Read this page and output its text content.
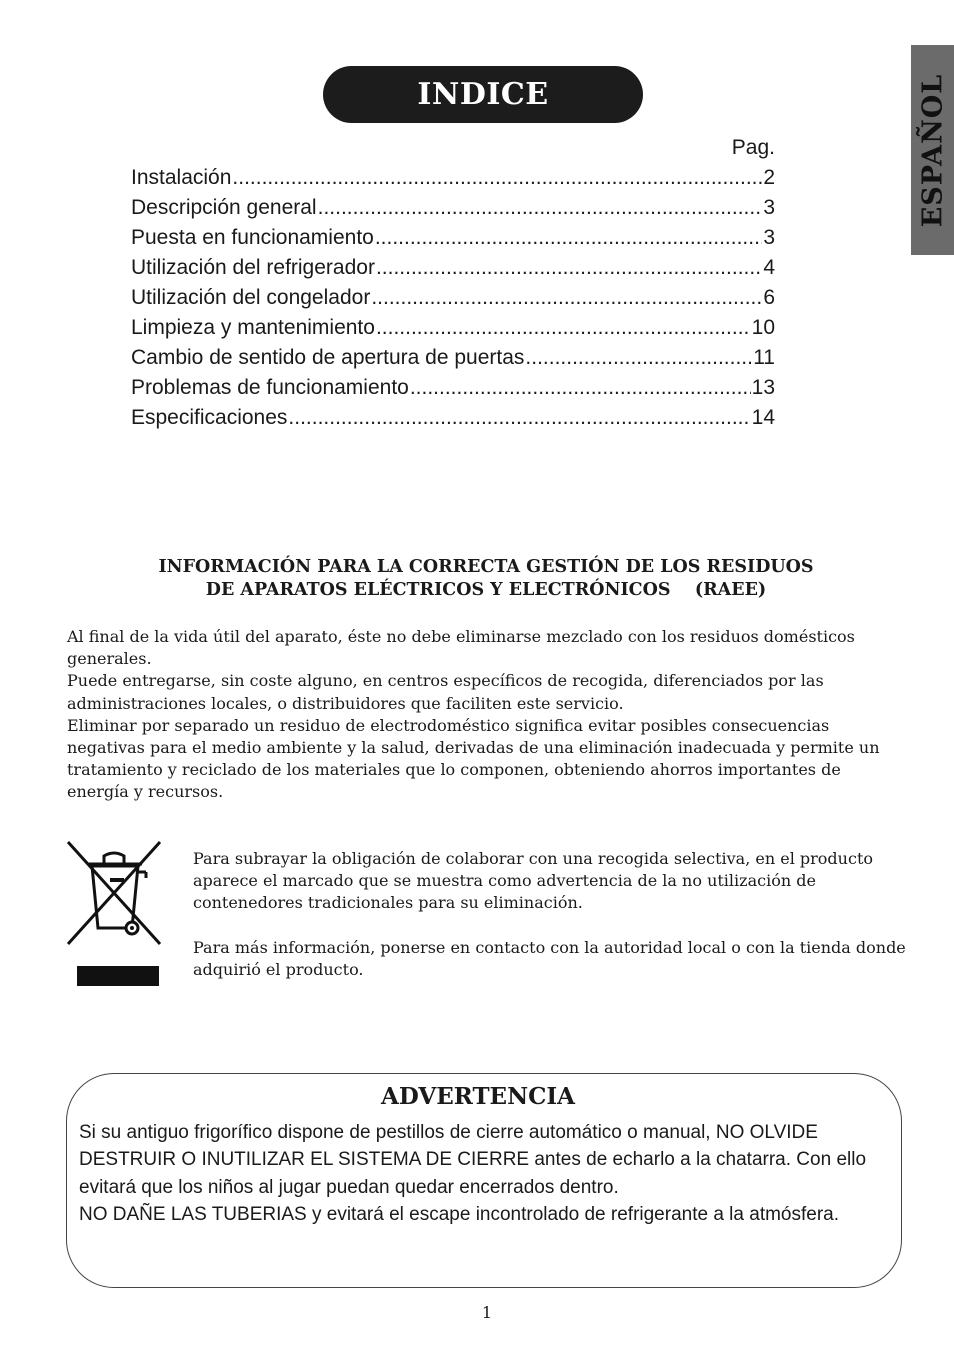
ESPAÑOL
INDICE
Pag.
Instalación .....	2
Descripción general .....	3
Puesta en funcionamiento .....	3
Utilización del refrigerador .....	4
Utilización del congelador .....	6
Limpieza y mantenimiento .....	10
Cambio de sentido de apertura de puertas .....	11
Problemas de funcionamiento .....	13
Especificaciones .....	14
INFORMACIÓN PARA LA CORRECTA GESTIÓN DE LOS RESIDUOS
DE APARATOS ELÉCTRICOS Y ELECTRÓNICOS    (RAEE)

Al final de la vida útil del aparato, éste no debe eliminarse mezclado con los residuos domésticos generales.

Puede entregarse, sin coste alguno, en centros específicos de recogida, diferenciados por las administraciones locales, o distribuidores que faciliten este servicio.

Eliminar por separado un residuo de electrodoméstico significa evitar posibles consecuencias negativas para el medio ambiente y la salud, derivadas de una eliminación inadecuada y permite un tratamiento y reciclado de los materiales que lo componen, obteniendo ahorros importantes de energía y recursos.

Para subrayar la obligación de colaborar con una recogida selectiva, en el producto aparece el marcado que se muestra como advertencia de la no utilización de contenedores tradicionales para su eliminación.

Para más información, ponerse en contacto con la autoridad local o con la tienda donde adquirió el producto.

ADVERTENCIA

Si su antiguo frigorífico dispone de pestillos de cierre automático o manual, NO OLVIDE DESTRUIR O INUTILIZAR EL SISTEMA DE CIERRE antes de echarlo a la chatarra. Con ello evitará que los niños al jugar puedan quedar encerrados dentro.

NO DAÑE LAS TUBERIAS y evitará el escape incontrolado de refrigerante a la atmósfera.

1
